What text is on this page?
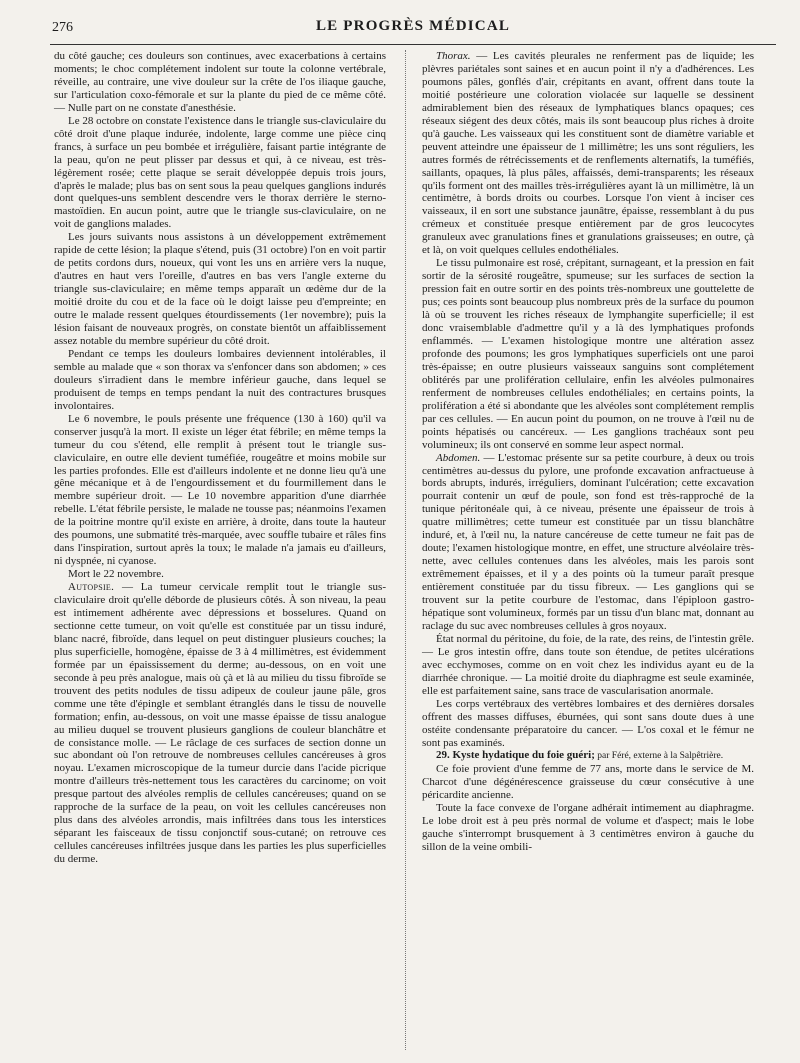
276	LE PROGRÈS MÉDICAL

du côté gauche; ces douleurs son continues, avec exacerbations à certains moments; le choc complétement indolent sur toute la colonne vertébrale, réveille, au contraire, une vive douleur sur la crête de l'os iliaque gauche, sur l'articulation coxo-fémorale et sur la plante du pied de ce même côté. — Nulle part on ne constate d'anesthésie.

Le 28 octobre on constate l'existence dans le triangle sus-claviculaire du côté droit d'une plaque indurée, indolente, large comme une pièce cinq francs, à surface un peu bombée et irrégulière, faisant partie intégrante de la peau, qu'on ne peut plisser par dessus et qui, à ce niveau, est très-légèrement rosée; cette plaque se serait développée depuis trois jours, d'après le malade; plus bas on sent sous la peau quelques ganglions indurés dont quelques-uns semblent descendre vers le thorax derrière le sterno-mastoïdien. En aucun point, autre que le triangle sus-claviculaire, on ne voit de ganglions malades.

Les jours suivants nous assistons à un développement extrêmement rapide de cette lésion; la plaque s'étend, puis (31 octobre) l'on en voit partir de petits cordons durs, noueux, qui vont les uns en arrière vers la nuque, d'autres en haut vers l'oreille, d'autres en bas vers l'angle externe du triangle sus-claviculaire; en même temps apparaît un œdème dur de la moitié droite du cou et de la face où le doigt laisse peu d'empreinte; en outre le malade ressent quelques étourdissements (1er novembre); puis la lésion faisant de nouveaux progrès, on constate bientôt un affaiblissement assez notable du membre supérieur du côté droit.

Pendant ce temps les douleurs lombaires deviennent intolérables, il semble au malade que « son thorax va s'enfoncer dans son abdomen; » ces douleurs s'irradient dans le membre inférieur gauche, dans lequel se produisent de temps en temps pendant la nuit des contractures brusques involontaires.

Le 6 novembre, le pouls présente une fréquence (130 à 160) qu'il va conserver jusqu'à la mort. Il existe un léger état fébrile; en même temps la tumeur du cou s'étend, elle remplit à présent tout le triangle sus-claviculaire, en outre elle devient tuméfiée, rougeâtre et moins mobile sur les parties profondes. Elle est d'ailleurs indolente et ne donne lieu qu'à une gêne mécanique et à de l'engourdissement et du fourmillement dans le membre supérieur droit. — Le 10 novembre apparition d'une diarrhée rebelle. L'état fébrile persiste, le malade ne tousse pas; néanmoins l'examen de la poitrine montre qu'il existe en arrière, à droite, dans toute la hauteur des poumons, une submatité très-marquée, avec souffle tubaire et râles fins dans l'inspiration, surtout après la toux; le malade n'a jamais eu d'ailleurs, ni dyspnée, ni cyanose.

Mort le 22 novembre.

Autopsie. — La tumeur cervicale remplit tout le triangle sus-claviculaire droit qu'elle déborde de plusieurs côtés. À son niveau, la peau est intimement adhérente avec dépressions et bosselures. Quand on sectionne cette tumeur, on voit qu'elle est constituée par un tissu induré, blanc nacré, fibroïde, dans lequel on peut distinguer plusieurs couches; la plus superficielle, homogène, épaisse de 3 à 4 millimètres, est évidemment formée par un épaississement du derme; au-dessous, on en voit une seconde à peu près analogue, mais où çà et là au milieu du tissu fibroïde se trouvent des petits nodules de tissu adipeux de couleur jaune pâle, gros comme une tête d'épingle et semblant étranglés dans le tissu de nouvelle formation; enfin, au-dessous, on voit une masse épaisse de tissu analogue au milieu duquel se trouvent plusieurs ganglions de couleur blanchâtre et de consistance molle. — Le râclage de ces surfaces de section donne un suc abondant où l'on retrouve de nombreuses cellules cancéreuses à gros noyau. L'examen microscopique de la tumeur durcie dans l'acide picrique montre d'ailleurs très-nettement tous les caractères du carcinome; on voit presque partout des alvéoles remplis de cellules cancéreuses; quand on se rapproche de la surface de la peau, on voit les cellules cancéreuses non plus dans des alvéoles arrondis, mais infiltrées dans tous les interstices séparant les faisceaux de tissu conjonctif sous-cutané; on retrouve ces cellules cancéreuses infiltrées jusque dans les parties les plus superficielles du derme.

Thorax. — Les cavités pleurales ne renferment pas de liquide; les plèvres pariétales sont saines et en aucun point il n'y a d'adhérences. Les poumons pâles, gonflés d'air, crépitants en avant, offrent dans toute la moitié postérieure une coloration violacée sur laquelle se dessinent admirablement bien des réseaux de lymphatiques blancs opaques; ces réseaux siégent des deux côtés, mais ils sont beaucoup plus riches à droite qu'à gauche. Les vaisseaux qui les constituent sont de diamètre variable et peuvent atteindre une épaisseur de 1 millimètre; les uns sont réguliers, les autres formés de rétrécissements et de renflements alternatifs, la tuméfiés, saillants, opaques, là plus pâles, affaissés, demi-transparents; les réseaux qu'ils forment ont des mailles très-irrégulières ayant là un millimètre, là un centimètre, à bords droits ou courbes. Lorsque l'on vient à inciser ces vaisseaux, il en sort une substance jaunâtre, épaisse, ressemblant à du pus crémeux et constituée presque entièrement par de gros leucocytes granuleux avec granulations fines et granulations graisseuses; en outre, çà et là, on voit quelques cellules endothéliales.

Le tissu pulmonaire est rosé, crépitant, surnageant, et la pression en fait sortir de la sérosité rougeâtre, spumeuse; sur les surfaces de section la pression fait en outre sortir en des points très-nombreux une gouttelette de pus; ces points sont beaucoup plus nombreux près de la surface du poumon là où se trouvent les riches réseaux de lymphangite superficielle; il est donc vraisemblable d'admettre qu'il y a là des lymphatiques profonds enflammés. — L'examen histologique montre une altération assez profonde des poumons; les gros lymphatiques superficiels ont une paroi très-épaisse; en outre plusieurs vaisseaux sanguins sont complétement oblitérés par une prolifération cellulaire, enfin les alvéoles pulmonaires renferment de nombreuses cellules endothéliales; en certains points, la prolifération a été si abondante que les alvéoles sont complétement remplis par ces cellules. — En aucun point du poumon, on ne trouve à l'œil nu de points hépatisés ou cancéreux. — Les ganglions trachéaux sont peu volumineux; ils ont conservé en somme leur aspect normal.

Abdomen. — L'estomac présente sur sa petite courbure, à deux ou trois centimètres au-dessus du pylore, une profonde excavation anfractueuse à bords abrupts, indurés, irréguliers, dominant l'ulcération; cette excavation pourrait contenir un œuf de poule, son fond est très-rapproché de la tunique péritonéale qui, à ce niveau, présente une épaisseur de trois à quatre millimètres; cette tumeur est constituée par un tissu blanchâtre induré, et, à l'œil nu, la nature cancéreuse de cette tumeur ne fait pas de doute; l'examen histologique montre, en effet, une structure alvéolaire très-nette, avec cellules contenues dans les alvéoles, mais les parois sont extrêmement épaisses, et il y a des points où la tumeur paraît presque entièrement constituée par du tissu fibreux. — Les ganglions qui se trouvent sur la petite courbure de l'estomac, dans l'épiploon gastro-hépatique sont volumineux, formés par un tissu d'un blanc mat, donnant au raclage du suc avec nombreuses cellules à gros noyaux.

État normal du péritoine, du foie, de la rate, des reins, de l'intestin grêle. — Le gros intestin offre, dans toute son étendue, de petites ulcérations avec ecchymoses, comme on en voit chez les individus ayant eu de la diarrhée chronique. — La moitié droite du diaphragme est seule examinée, elle est parfaitement saine, sans trace de vascularisation anormale.

Les corps vertébraux des vertèbres lombaires et des dernières dorsales offrent des masses diffuses, éburnées, qui sont sans doute dues à une ostéite condensante préparatoire du cancer. — L'os coxal et le fémur ne sont pas examinés.

29. Kyste hydatique du foie guéri; par Féré, externe à la Salpêtrière.

Ce foie provient d'une femme de 77 ans, morte dans le service de M. Charcot d'une dégénérescence graisseuse du cœur consécutive à une péricardite ancienne.

Toute la face convexe de l'organe adhérait intimement au diaphragme. Le lobe droit est à peu près normal de volume et d'aspect; mais le lobe gauche s'interrompt brusquement à 3 centimètres environ à gauche du sillon de la veine ombili-
